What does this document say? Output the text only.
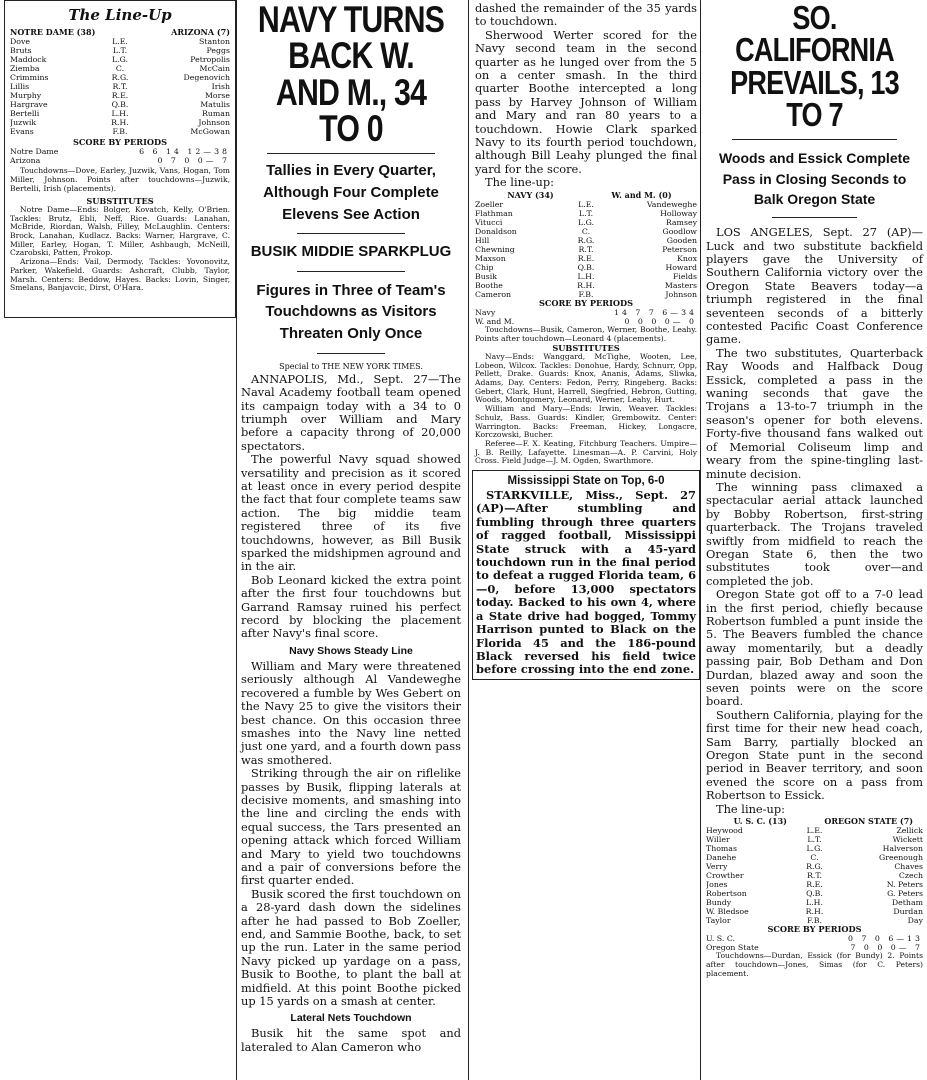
The Line-Up
NOTRE DAME (38)	ARIZONA (7)
Dove	L.E.	Stanton
Bruts	L.T.	Peggs
Maddock	L.G.	Petropolis
Ziemba	C.	McCain
Crimmins	R.G.	Degenovich
Lillis	R.T.	Irish
Murphy	R.E.	Morse
Hargrave	Q.B.	Matulis
Bertelli	L.H.	Ruman
Juzwik	R.H.	Johnson
Evans	F.B.	McGowan
SCORE BY PERIODS
Notre Dame	6 6 14 12—38
Arizona	0 7 0 0— 7

Touchdowns—Dove, Earley, Juzwik, Vans, Hogan, Tom Miller, Johnson. Points after touchdowns—Juzwik, Bertelli, Irish (placements).

SUBSTITUTES

Notre Dame—Ends: Bolger, Kovatch, Kelly, O'Brien. Tackles: Brutz, Ebli, Neff, Rice. Guards: Lanahan, McBride, Riordan, Walsh, Filley, McLaughlin. Centers: Brock, Lanahan, Kudlacz. Backs: Warner, Hargrave, C. Miller, Earley, Hogan, T. Miller, Ashbaugh, McNeill, Czarobski, Patten, Prokop.

Arizona—Ends: Vail, Dermody. Tackles: Yovonovitz, Parker, Wakefield. Guards: Ashcraft, Clubb, Taylor, Marsh. Centers: Beddow, Hayes. Backs: Lovin, Singer, Smelans, Banjavcic, Dirst, O'Hara.

NAVY TURNS BACK W. AND M., 34 TO 0
Tallies in Every Quarter, Although Four Complete Elevens See Action
BUSIK MIDDIE SPARKPLUG
Figures in Three of Team's Touchdowns as Visitors Threaten Only Once
Special to THE NEW YORK TIMES.

ANNAPOLIS, Md., Sept. 27—The Naval Academy football team opened its campaign today with a 34 to 0 triumph over William and Mary before a capacity throng of 20,000 spectators.

The powerful Navy squad showed versatility and precision as it scored at least once in every period despite the fact that four complete teams saw action. The big middie team registered three of its five touchdowns, however, as Bill Busik sparked the midshipmen aground and in the air.

Bob Leonard kicked the extra point after the first four touchdowns but Garrand Ramsay ruined his perfect record by blocking the placement after Navy's final score.

Navy Shows Steady Line

William and Mary were threatened seriously although Al Vandeweghe recovered a fumble by Wes Gebert on the Navy 25 to give the visitors their best chance. On this occasion three smashes into the Navy line netted just one yard, and a fourth down pass was smothered.

Striking through the air on riflelike passes by Busik, flipping laterals at decisive moments, and smashing into the line and circling the ends with equal success, the Tars presented an opening attack which forced William and Mary to yield two touchdowns and a pair of conversions before the first quarter ended.

Busik scored the first touchdown on a 28-yard dash down the sidelines after he had passed to Bob Zoeller, end, and Sammie Boothe, back, to set up the run. Later in the same period Navy picked up yardage on a pass, Busik to Boothe, to plant the ball at midfield. At this point Boothe picked up 15 yards on a smash at center.

Lateral Nets Touchdown

Busik hit the same spot and lateraled to Alan Cameron who

dashed the remainder of the 35 yards to touchdown.

Sherwood Werter scored for the Navy second team in the second quarter as he lunged over from the 5 on a center smash. In the third quarter Boothe intercepted a long pass by Harvey Johnson of William and Mary and ran 80 years to a touchdown. Howie Clark sparked Navy to its fourth period touchdown, although Bill Leahy plunged the final yard for the score.

The line-up:

NAVY (34)	W. and M. (0)
Zoeller	L.E.	Vandeweghe
Flathman	L.T.	Holloway
Vitucci	L.G.	Ramsey
Donaldson	C.	Goodlow
Hill	R.G.	Gooden
Chewning	R.T.	Peterson
Maxson	R.E.	Knox
Chip	Q.B.	Howard
Busik	L.H.	Fields
Boothe	R.H.	Masters
Cameron	F.B.	Johnson
SCORE BY PERIODS
Navy	14 7 7 6—34
W. and M.	0 0 0 0— 0

Touchdowns—Busik, Cameron, Werner, Boothe, Leahy. Points after touchdown—Leonard 4 (placements).

SUBSTITUTES

Navy—Ends: Wanggard, McTighe, Wooten, Lee, Lobeon, Wilcox. Tackles: Donohue, Hardy, Schnurr, Opp, Pellett, Drake. Guards: Knox, Ananis, Adams, Sliwka, Adams, Day. Centers: Fedon, Perry, Ringeberg. Backs: Gebert, Clark, Hunt, Harrell, Siegfried, Hebron, Gutting, Woods, Montgomery, Leonard, Werner, Leahy, Hurt.

William and Mary—Ends: Irwin, Weaver. Tackles: Schulz, Bass. Guards: Kindler, Grembowitz. Center: Warrington. Backs: Freeman, Hickey, Longacre, Korczowski, Bucher.

Referee—F. X. Keating, Fitchburg Teachers. Umpire—J. B. Reilly, Lafayette. Linesman—A. P. Carvini, Holy Cross. Field Judge—J. M. Ogden, Swarthmore.

Mississippi State on Top, 6-0

STARKVILLE, Miss., Sept. 27 (AP)—After stumbling and fumbling through three quarters of ragged football, Mississippi State struck with a 45-yard touchdown run in the final period to defeat a rugged Florida team, 6—0, before 13,000 spectators today. Backed to his own 4, where a State drive had bogged, Tommy Harrison punted to Black on the Florida 45 and the 186-pound Black reversed his field twice before crossing into the end zone.

SO. CALIFORNIA PREVAILS, 13 TO 7
Woods and Essick Complete Pass in Closing Seconds to Balk Oregon State

LOS ANGELES, Sept. 27 (AP)—Luck and two substitute backfield players gave the University of Southern California victory over the Oregon State Beavers today—a triumph registered in the final seventeen seconds of a bitterly contested Pacific Coast Conference game.

The two substitutes, Quarterback Ray Woods and Halfback Doug Essick, completed a pass in the waning seconds that gave the Trojans a 13-to-7 triumph in the season's opener for both elevens. Forty-five thousand fans walked out of Memorial Coliseum limp and weary from the spine-tingling last-minute decision.

The winning pass climaxed a spectacular aerial attack launched by Bobby Robertson, first-string quarterback. The Trojans traveled swiftly from midfield to reach the Oregan State 6, then the two substitutes took over—and completed the job.

Oregon State got off to a 7-0 lead in the first period, chiefly because Robertson fumbled a punt inside the 5. The Beavers fumbled the chance away momentarily, but a deadly passing pair, Bob Detham and Don Durdan, blazed away and soon the seven points were on the score board.

Southern California, playing for the first time for their new head coach, Sam Barry, partially blocked an Oregon State punt in the second period in Beaver territory, and soon evened the score on a pass from Robertson to Essick.

The line-up:

U. S. C. (13)	OREGON STATE (7)
Heywood	L.E.	Zellick
Willer	L.T.	Wickett
Thomas	L.G.	Halverson
Danehe	C.	Greenough
Verry	R.G.	Chaves
Crowther	R.T.	Czech
Jones	R.E.	N. Peters
Robertson	Q.B.	G. Peters
Bundy	L.H.	Detham
W. Bledsoe	R.H.	Durdan
Taylor	F.B.	Day
SCORE BY PERIODS
U. S. C.	0 7 0 6—13
Oregon State	7 0 0 0— 7

Touchdowns—Durdan, Essick (for Bundy) 2. Points after touchdown—Jones, Simas (for C. Peters) placement.
